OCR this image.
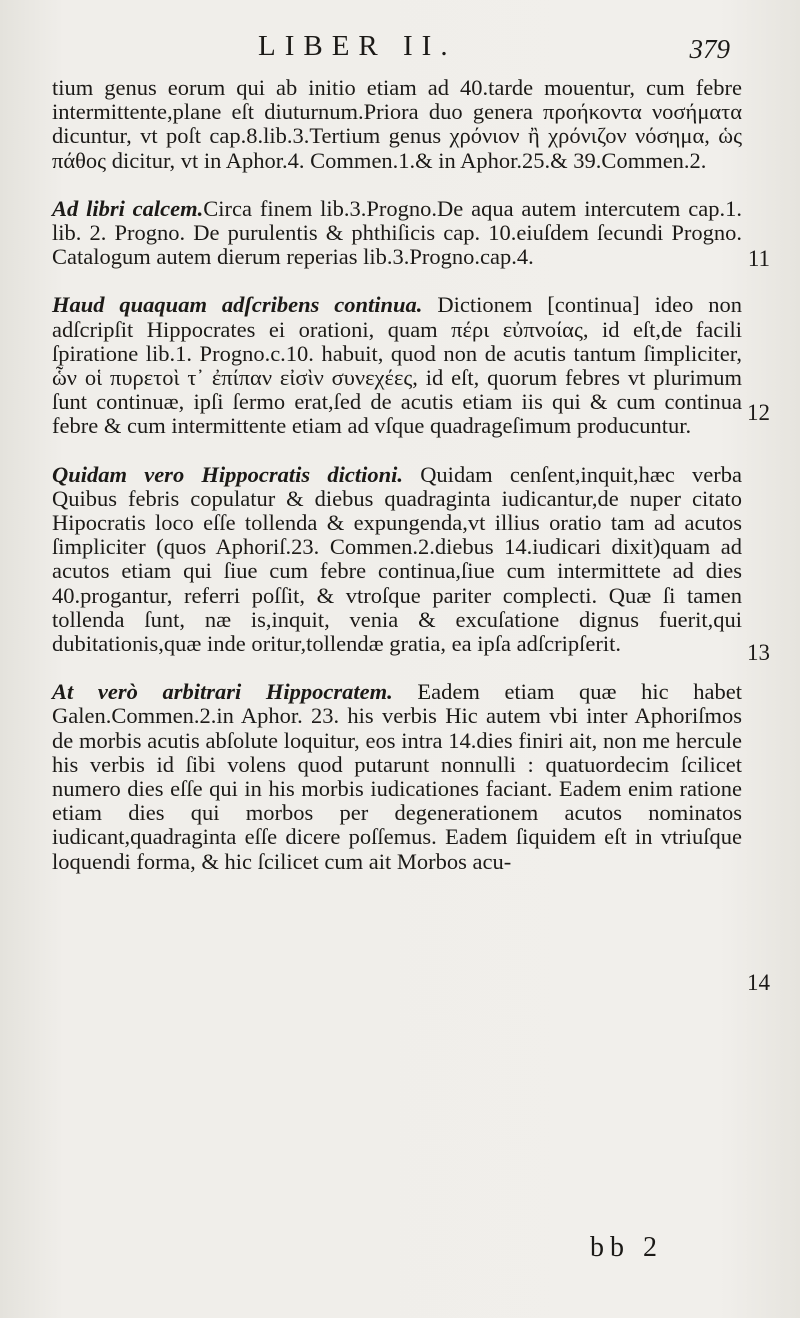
LIBER II.	379

tium genus eorum qui ab initio etiam ad 40.tarde mouentur, cum febre intermittente,plane eſt diuturnum.Priora duo genera προήκοντα νοσήματα dicuntur, vt poſt cap.8.lib.3.Tertium genus χρόνιον ἢ χρόνιζον νόσημα, ὡς πάθος dicitur, vt in Aphor.4. Commen.1.& in Aphor.25.& 39.Commen.2.

Ad libri calcem.Circa finem lib.3.Progno.De aqua autem intercutem cap.1. lib. 2. Progno. De purulentis & phthiſicis cap. 10.eiuſdem ſecundi Progno. Catalogum autem dierum reperias lib.3.Progno.cap.4.

Haud quaquam adſcribens continua. Dictionem [continua] ideo non adſcripſit Hippocrates ei orationi, quam πέρι εὐπνοίας, id eſt,de facili ſpiratione lib.1. Progno.c.10. habuit, quod non de acutis tantum ſimpliciter, ὧν οἱ πυρετοὶ τ᾽ ἐπίπαν εἰσὶν συνεχέες, id eſt, quorum febres vt plurimum ſunt continuæ, ipſi ſermo erat,ſed de acutis etiam iis qui & cum continua febre & cum intermittente etiam ad vſque quadrageſimum producuntur.

Quidam vero Hippocratis dictioni. Quidam cenſent,inquit,hæc verba Quibus febris copulatur & diebus quadraginta iudicantur,de nuper citato Hipocratis loco eſſe tollenda & expungenda,vt illius oratio tam ad acutos ſimpliciter (quos Aphoriſ.23. Commen.2.diebus 14.iudicari dixit)quam ad acutos etiam qui ſiue cum febre continua,ſiue cum intermittete ad dies 40.progantur, referri poſſit, & vtroſque pariter complecti. Quæ ſi tamen tollenda ſunt, næ is,inquit, venia & excuſatione dignus fuerit,qui dubitationis,quæ inde oritur,tollendæ gratia, ea ipſa adſcripſerit.

At verò arbitrari Hippocratem. Eadem etiam quæ hic habet Galen.Commen.2.in Aphor. 23. his verbis Hic autem vbi inter Aphoriſmos de morbis acutis abſolute loquitur, eos intra 14.dies finiri ait, non me hercule his verbis id ſibi volens quod putarunt nonnulli : quatuordecim ſcilicet numero dies eſſe qui in his morbis iudicationes faciant. Eadem enim ratione etiam dies qui morbos per degenerationem acutos nominatos iudicant,quadraginta eſſe dicere poſſemus. Eadem ſiquidem eſt in vtriuſque loquendi forma, & hic ſcilicet cum ait Morbos acu-

11
12
13
14
bb 2
